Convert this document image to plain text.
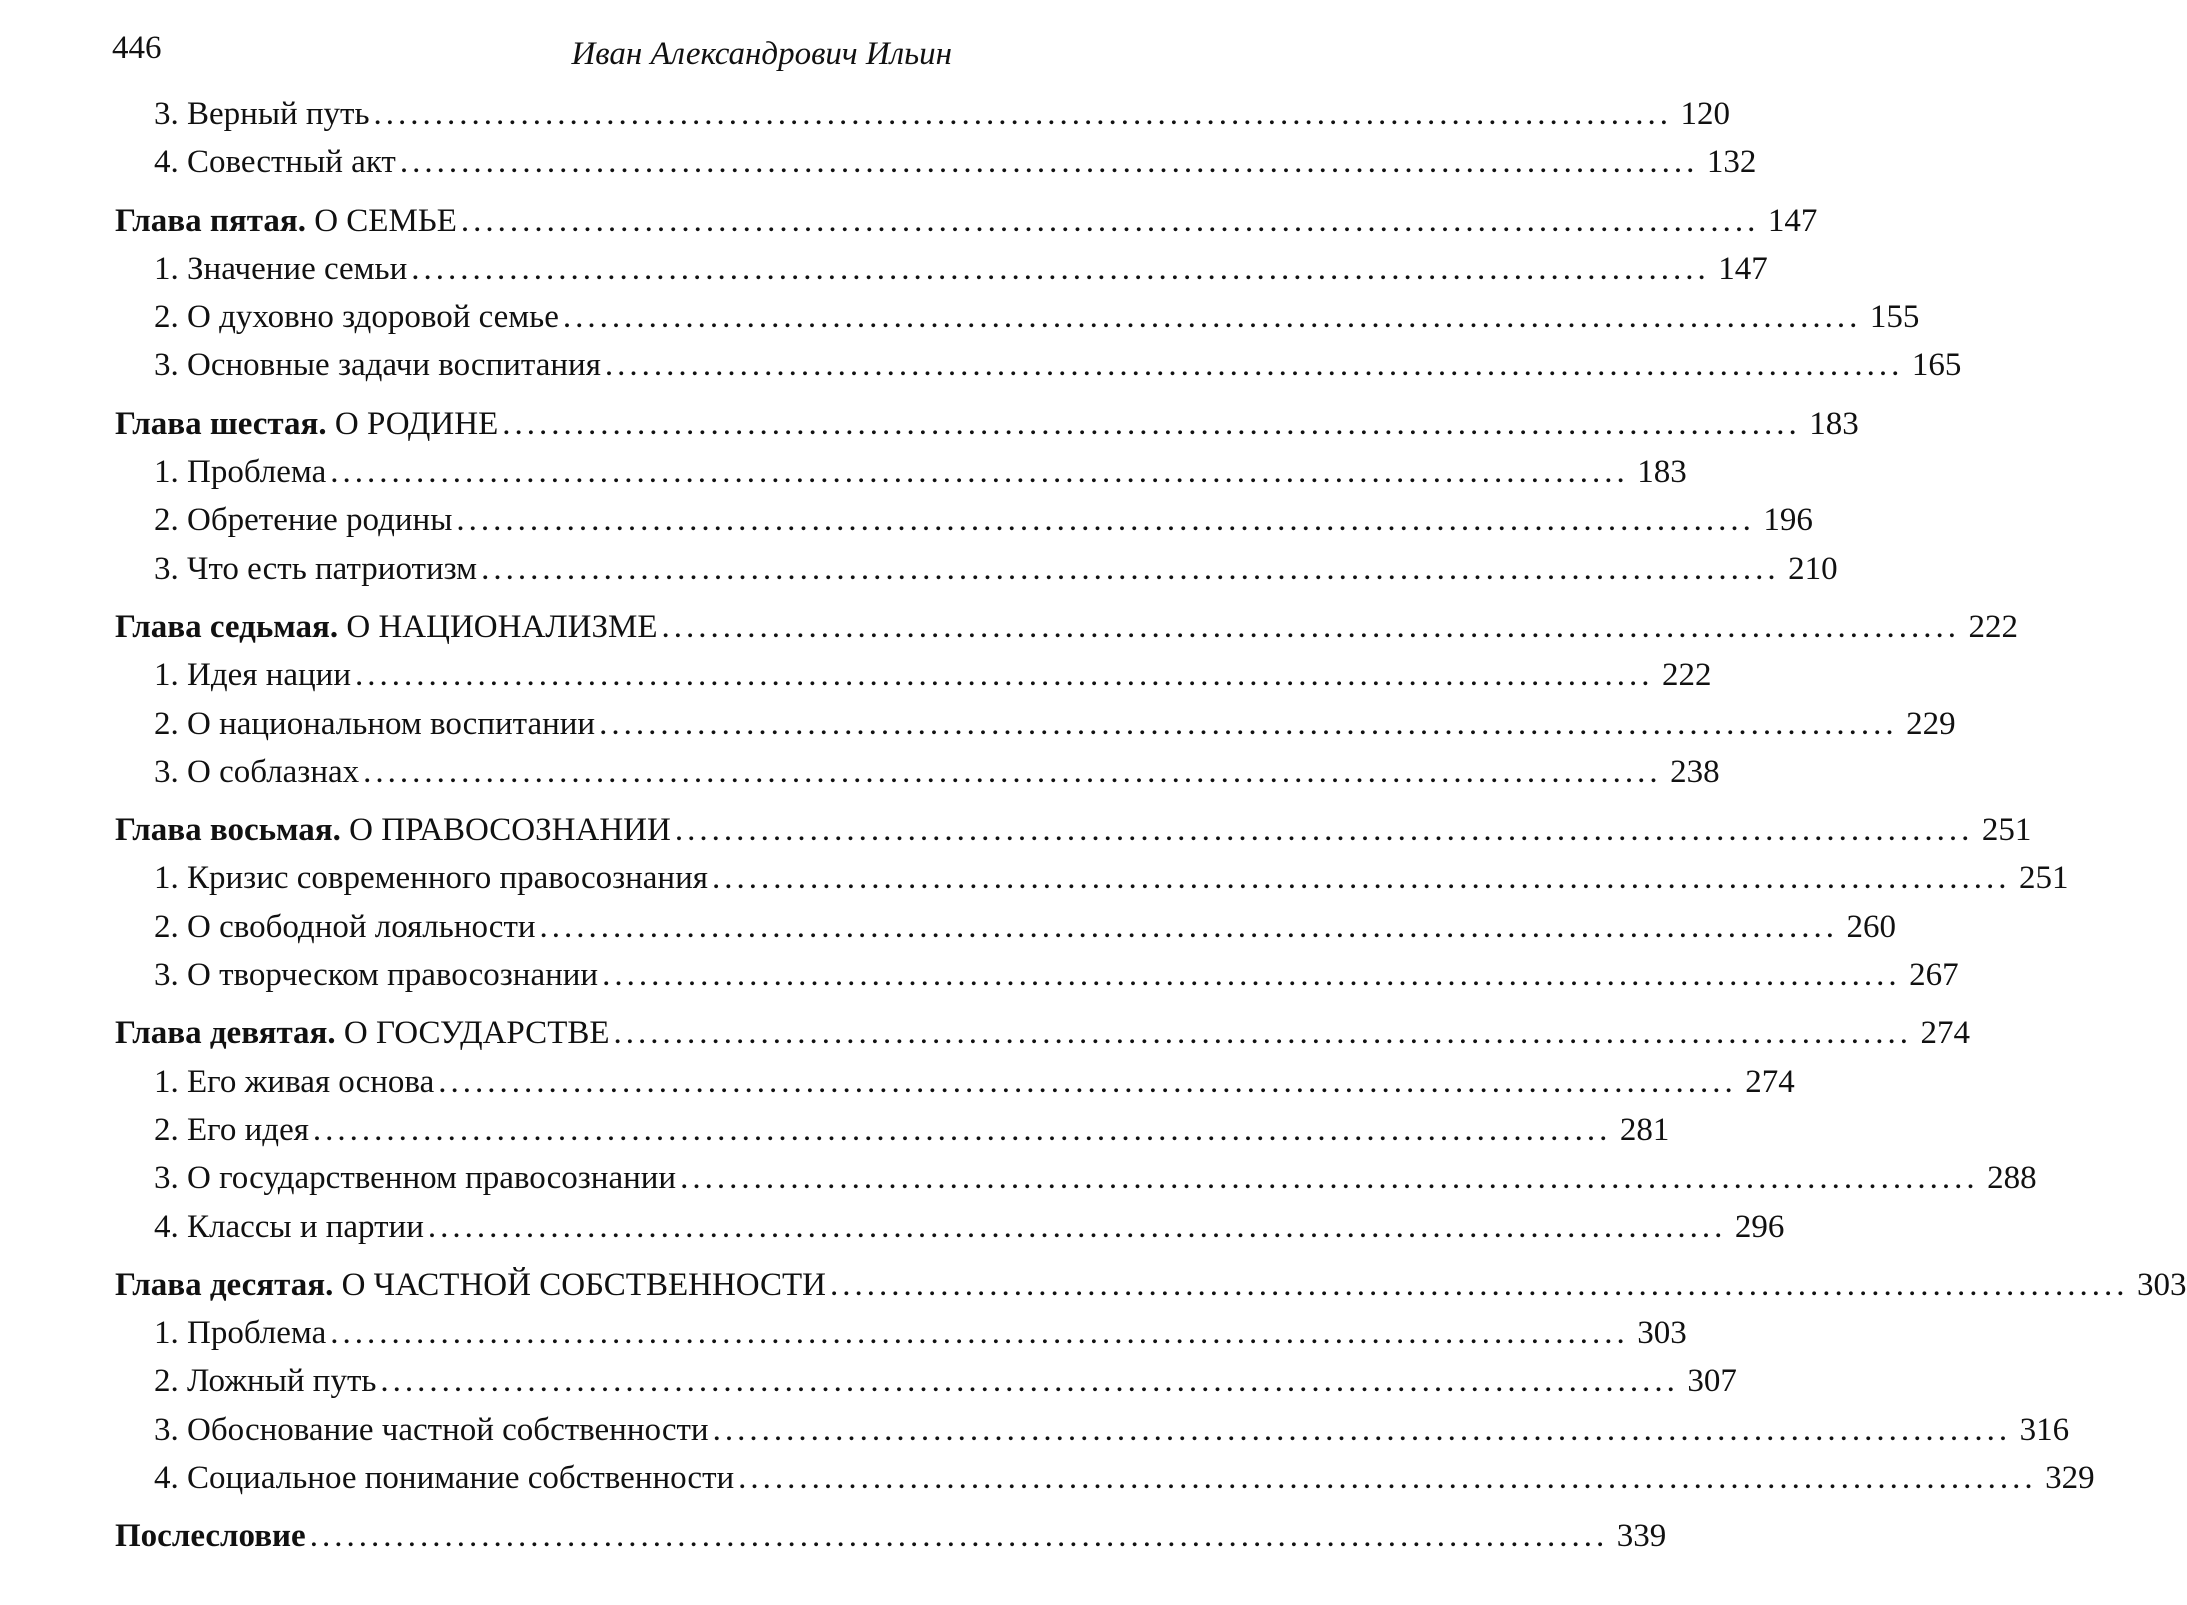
446	Иван Александрович Ильин
3. Верный путь .......................................................................................................... 120
4. Совестный акт .......................................................................................................... 132
Глава пятая. О СЕМЬЕ .......................................................................................................... 147
1. Значение семьи .......................................................................................................... 147
2. О духовно здоровой семье .......................................................................................................... 155
3. Основные задачи воспитания .......................................................................................................... 165
Глава шестая. О РОДИНЕ .......................................................................................................... 183
1. Проблема .......................................................................................................... 183
2. Обретение родины .......................................................................................................... 196
3. Что есть патриотизм .......................................................................................................... 210
Глава седьмая. О НАЦИОНАЛИЗМЕ .......................................................................................................... 222
1. Идея нации .......................................................................................................... 222
2. О национальном воспитании .......................................................................................................... 229
3. О соблазнах .......................................................................................................... 238
Глава восьмая. О ПРАВОСОЗНАНИИ .......................................................................................................... 251
1. Кризис современного правосознания .......................................................................................................... 251
2. О свободной лояльности .......................................................................................................... 260
3. О творческом правосознании .......................................................................................................... 267
Глава девятая. О ГОСУДАРСТВЕ .......................................................................................................... 274
1. Его живая основа .......................................................................................................... 274
2. Его идея .......................................................................................................... 281
3. О государственном правосознании .......................................................................................................... 288
4. Классы и партии .......................................................................................................... 296
Глава десятая. О ЧАСТНОЙ СОБСТВЕННОСТИ .......................................................................................................... 303
1. Проблема .......................................................................................................... 303
2. Ложный путь .......................................................................................................... 307
3. Обоснование частной собственности .......................................................................................................... 316
4. Социальное понимание собственности .......................................................................................................... 329
Послесловие .......................................................................................................... 339
